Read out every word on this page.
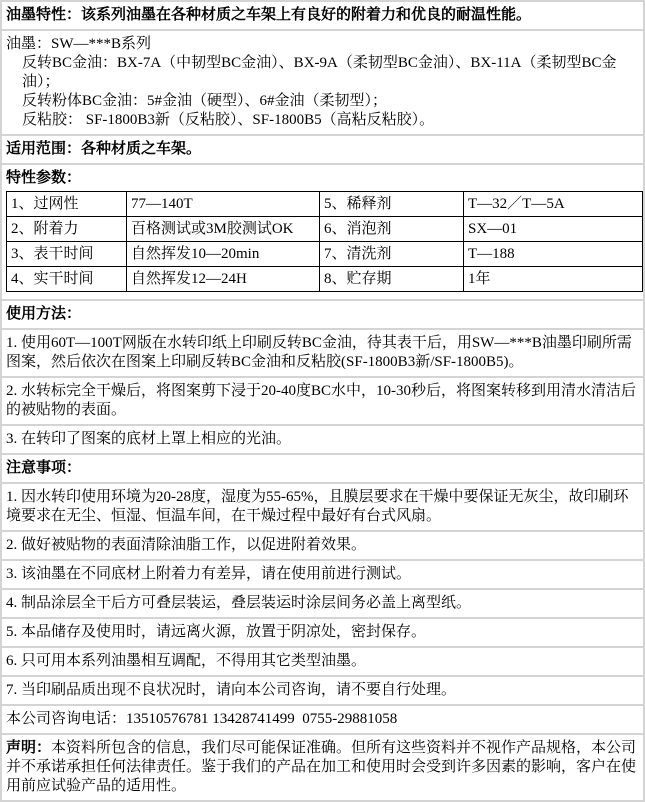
油墨特性：该系列油墨在各种材质之车架上有良好的附着力和优良的耐温性能。
油墨：SW—***B系列
反转BC金油：BX-7A（中韧型BC金油）、BX-9A（柔韧型BC金油）、BX-11A（柔韧型BC金油）；
反转粉体BC金油：5#金油（硬型）、6#金油（柔韧型）；
反粘胶： SF-1800B3新（反粘胶）、SF-1800B5（高粘反粘胶）。
适用范围：各种材质之车架。
特性参数：
1、过网性	77—140T	5、稀释剂	T—32／T—5A
2、附着力	百格测试或3M胶测试OK	6、消泡剂	SX—01
3、表干时间	自然挥发10—20min	7、清洗剂	T—188
4、实干时间	自然挥发12—24H	8、贮存期	1年
使用方法：
1. 使用60T—100T网版在水转印纸上印刷反转BC金油，待其表干后，用SW—***B油墨印刷所需图案，然后依次在图案上印刷反转BC金油和反粘胶(SF-1800B3新/SF-1800B5)。
2. 水转标完全干燥后，将图案剪下浸于20-40度BC水中，10-30秒后，将图案转移到用清水清洁后的被贴物的表面。
3. 在转印了图案的底材上罩上相应的光油。
注意事项：
1. 因水转印使用环境为20-28度，湿度为55-65%，且膜层要求在干燥中要保证无灰尘，故印刷环境要求在无尘、恒湿、恒温车间，在干燥过程中最好有台式风扇。
2. 做好被贴物的表面清除油脂工作，以促进附着效果。
3. 该油墨在不同底材上附着力有差异，请在使用前进行测试。
4. 制品涂层全干后方可叠层装运，叠层装运时涂层间务必盖上离型纸。
5. 本品储存及使用时，请远离火源，放置于阴凉处，密封保存。
6. 只可用本系列油墨相互调配，不得用其它类型油墨。
7. 当印刷品质出现不良状况时，请向本公司咨询，请不要自行处理。
本公司咨询电话：13510576781 13428741499  0755-29881058
声明：本资料所包含的信息，我们尽可能保证准确。但所有这些资料并不视作产品规格，本公司并不承诺承担任何法律责任。鉴于我们的产品在加工和使用时会受到许多因素的影响，客户在使用前应试验产品的适用性。
